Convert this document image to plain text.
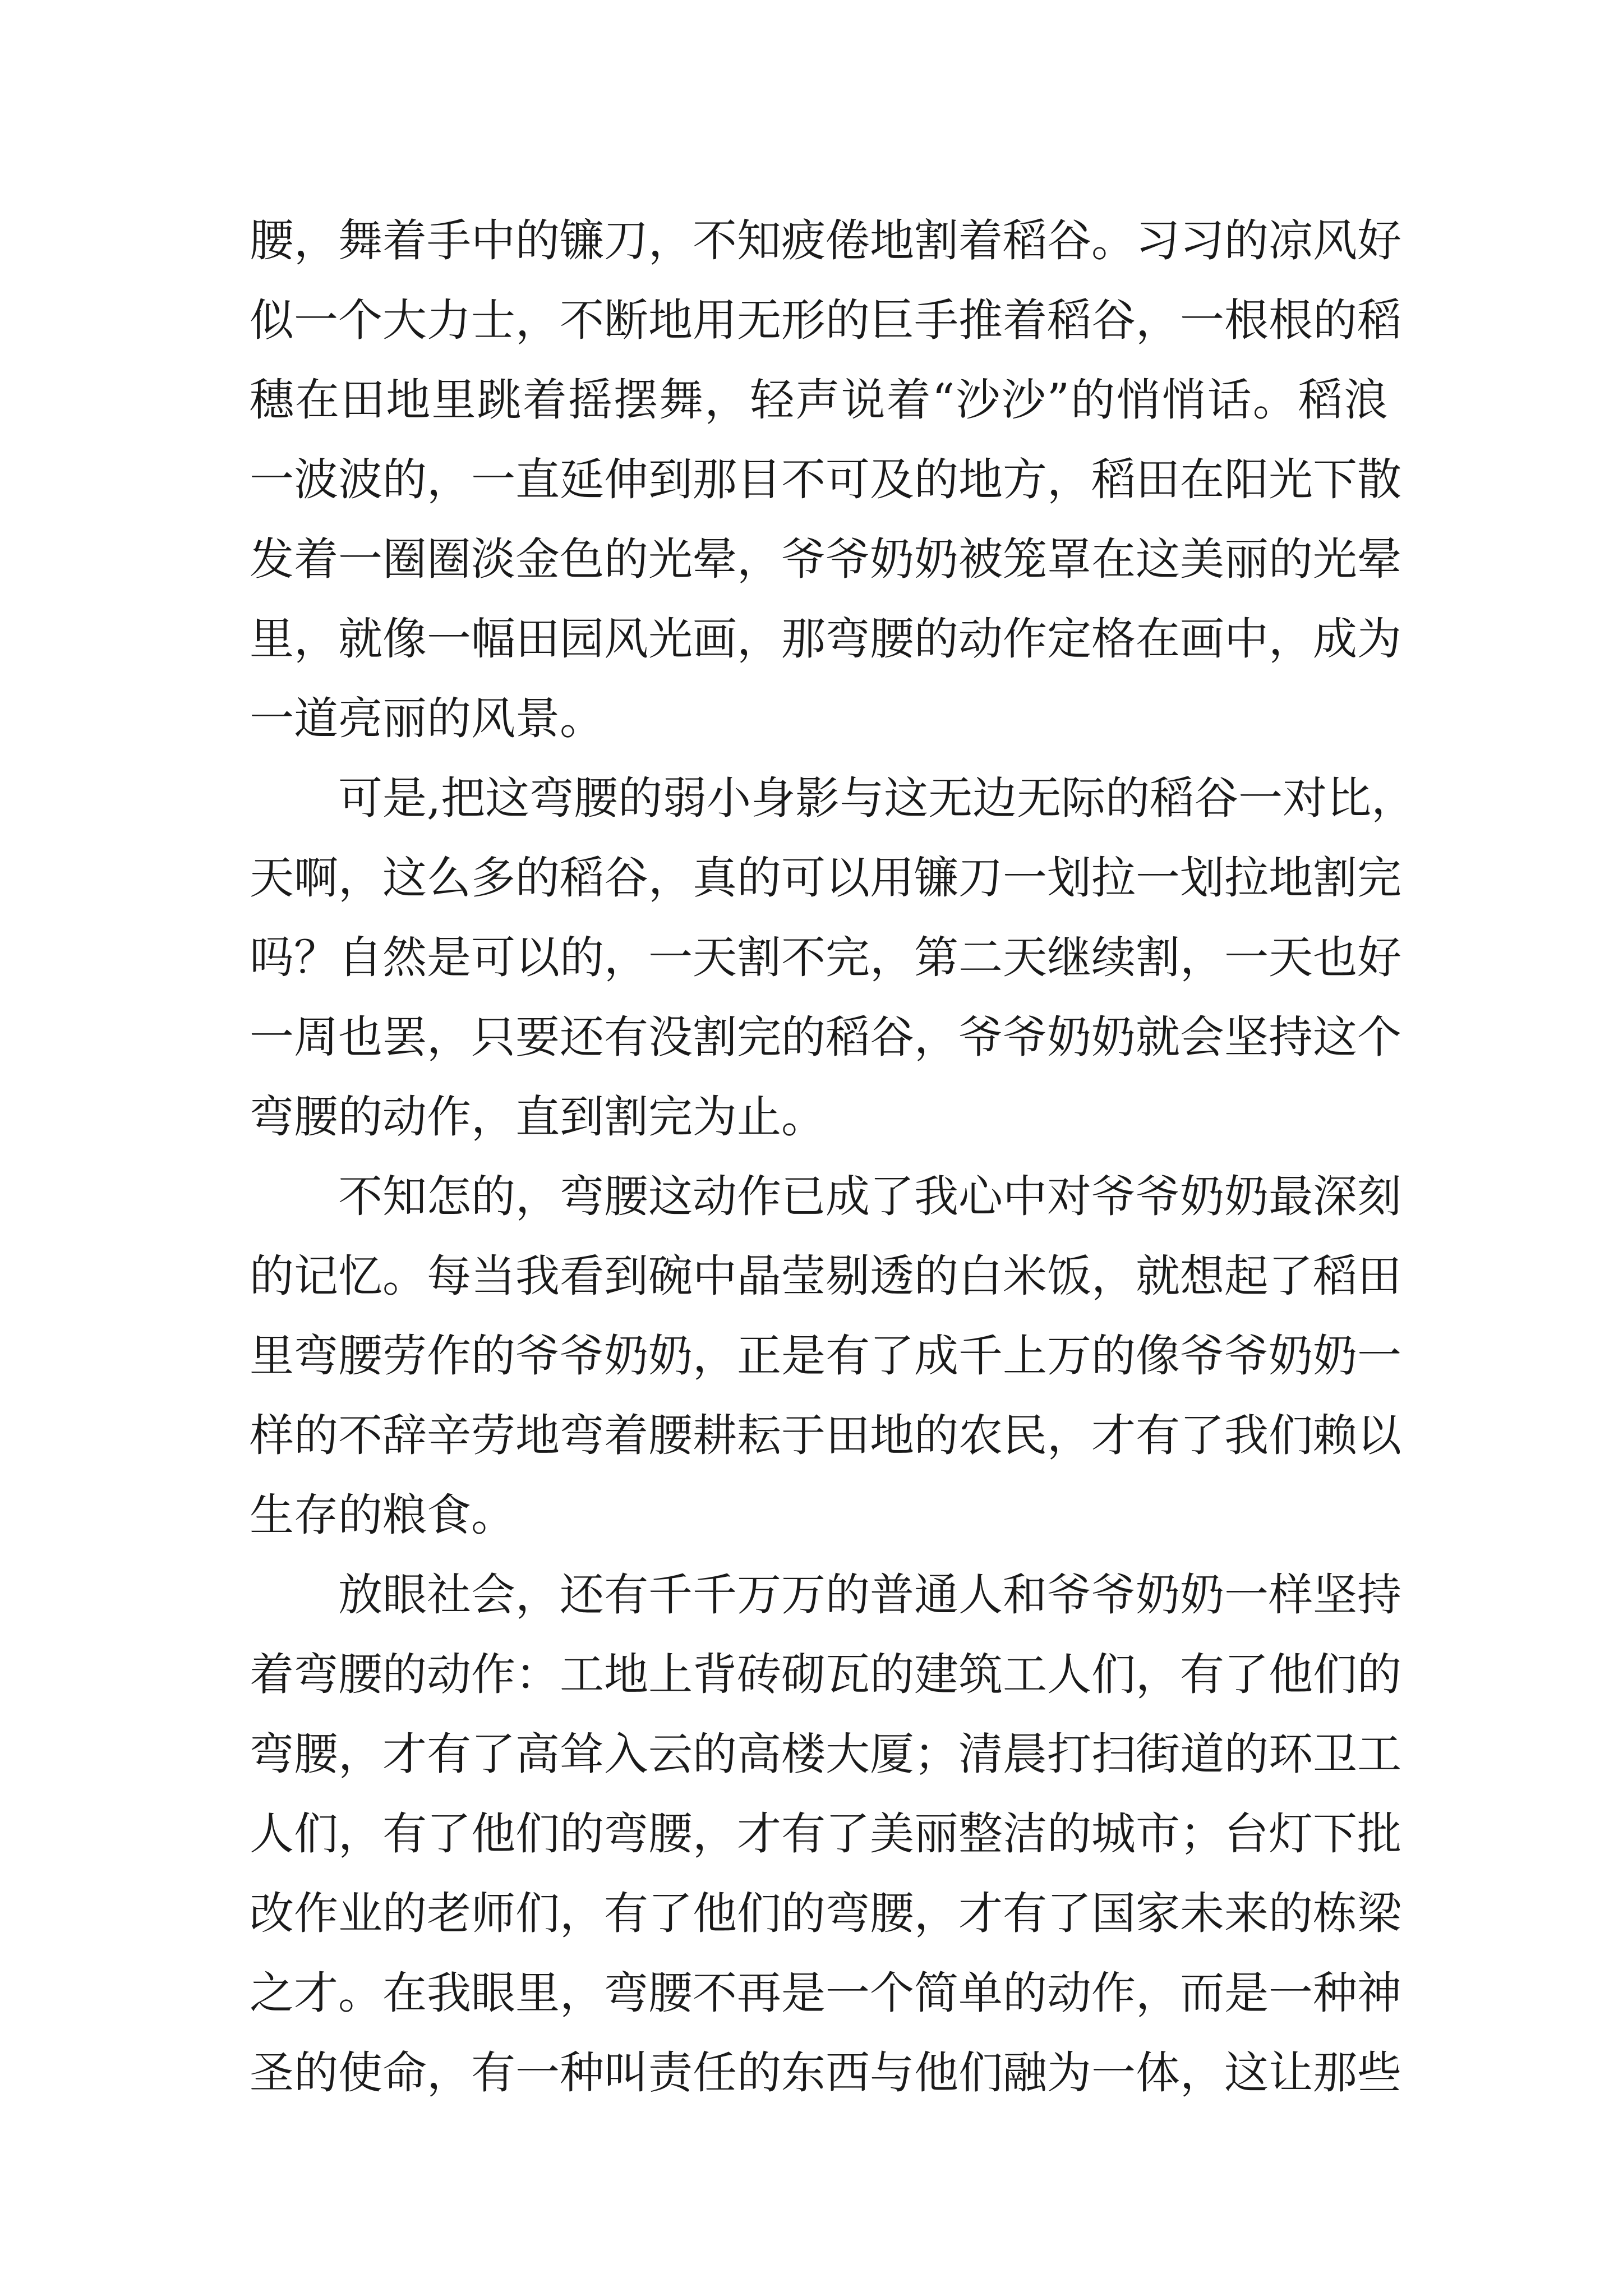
腰，舞着手中的镰刀，不知疲倦地割着稻谷。习习的凉风好
似一个大力士，不断地用无形的巨手推着稻谷，一根根的稻
穗在田地里跳着摇摆舞，轻声说着“沙沙”的悄悄话。稻浪
一波波的，一直延伸到那目不可及的地方，稻田在阳光下散
发着一圈圈淡金色的光晕，爷爷奶奶被笼罩在这美丽的光晕
里，就像一幅田园风光画，那弯腰的动作定格在画中，成为
一道亮丽的风景。
可是,把这弯腰的弱小身影与这无边无际的稻谷一对比，
天啊，这么多的稻谷，真的可以用镰刀一划拉一划拉地割完
吗？自然是可以的，一天割不完，第二天继续割，一天也好
一周也罢，只要还有没割完的稻谷，爷爷奶奶就会坚持这个
弯腰的动作，直到割完为止。
不知怎的，弯腰这动作已成了我心中对爷爷奶奶最深刻
的记忆。每当我看到碗中晶莹剔透的白米饭，就想起了稻田
里弯腰劳作的爷爷奶奶，正是有了成千上万的像爷爷奶奶一
样的不辞辛劳地弯着腰耕耘于田地的农民，才有了我们赖以
生存的粮食。
放眼社会，还有千千万万的普通人和爷爷奶奶一样坚持
着弯腰的动作：工地上背砖砌瓦的建筑工人们，有了他们的
弯腰，才有了高耸入云的高楼大厦；清晨打扫街道的环卫工
人们，有了他们的弯腰，才有了美丽整洁的城市；台灯下批
改作业的老师们，有了他们的弯腰，才有了国家未来的栋梁
之才。在我眼里，弯腰不再是一个简单的动作，而是一种神
圣的使命，有一种叫责任的东西与他们融为一体，这让那些
